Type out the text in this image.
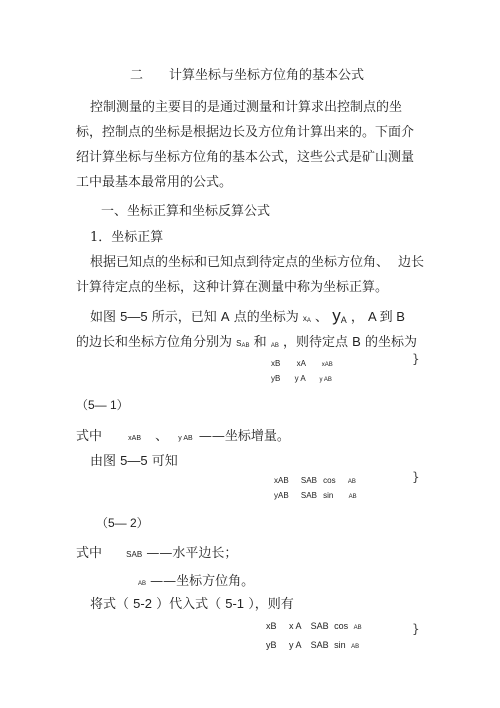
二　　计算坐标与坐标方位角的基本公式
控制测量的主要目的是通过测量和计算求出控制点的坐
标，控制点的坐标是根据边长及方位角计算出来的。下面介
绍计算坐标与坐标方位角的基本公式，这些公式是矿山测量
工中最基本最常用的公式。
一、坐标正算和坐标反算公式
1．坐标正算
根据已知点的坐标和已知点到待定点的坐标方位角、 边长
计算待定点的坐标，这种计算在测量中称为坐标正算。
如图 5—5 所示，已知 A 点的坐标为 xA 、 yA ， A 到 B
的边长和坐标方位角分别为 SAB 和 AB ，则待定点 B 的坐标为
xB xA	xAB
yB y A y AB
}
（5— 1）
式中	xAB 、 y AB ——坐标增量。
由图 5—5 可知
xAB SAB cos AB
yAB SAB sin	AB
}
（5— 2）
式中	SAB ——水平边长；
AB ——坐标方位角。
将式（ 5-2 ）代入式（ 5-1 ），则有
xB x A SAB cos AB
yB y A SAB sin AB
}
